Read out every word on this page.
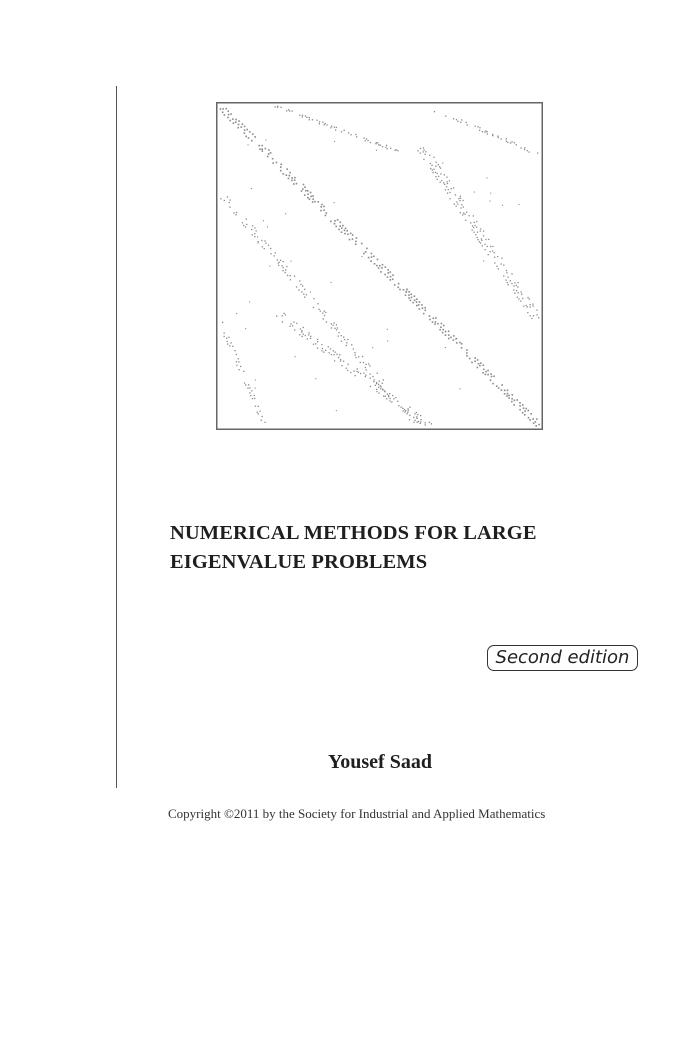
NUMERICAL METHODS FOR LARGE
EIGENVALUE PROBLEMS
Second edition
Yousef Saad
Copyright ©2011 by the Society for Industrial and Applied Mathematics
